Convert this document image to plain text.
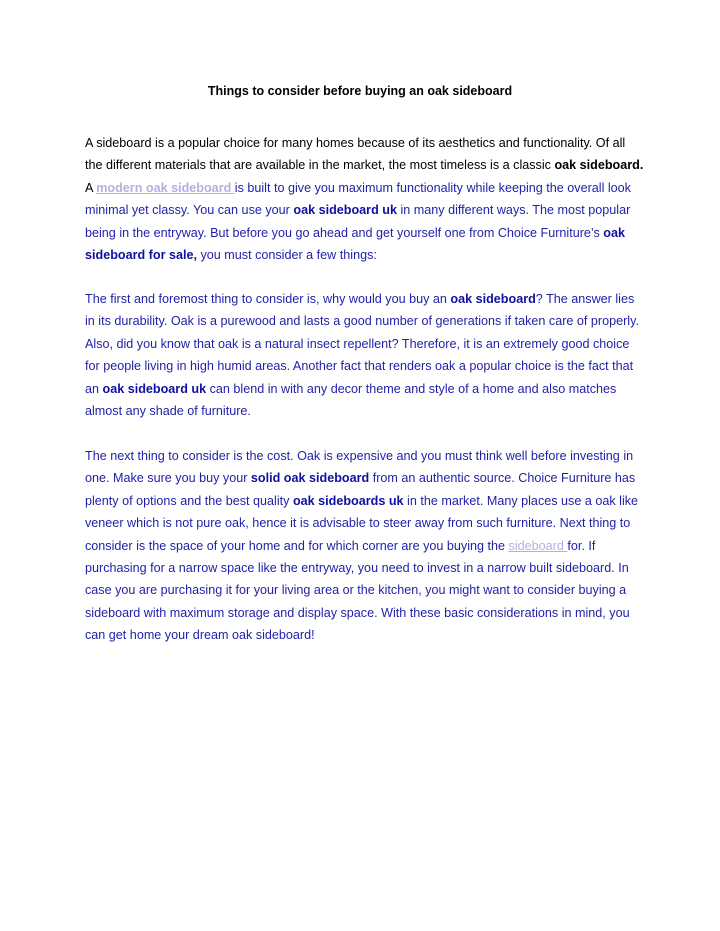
Things to consider before buying an oak sideboard

A sideboard is a popular choice for many homes because of its aesthetics and functionality. Of all the different materials that are available in the market, the most timeless is a classic oak sideboard. A modern oak sideboard is built to give you maximum functionality while keeping the overall look minimal yet classy. You can use your oak sideboard uk in many different ways. The most popular being in the entryway. But before you go ahead and get yourself one from Choice Furniture’s oak sideboard for sale, you must consider a few things:

The first and foremost thing to consider is, why would you buy an oak sideboard? The answer lies in its durability. Oak is a purewood and lasts a good number of generations if taken care of properly. Also, did you know that oak is a natural insect repellent? Therefore, it is an extremely good choice for people living in high humid areas. Another fact that renders oak a popular choice is the fact that an oak sideboard uk can blend in with any decor theme and style of a home and also matches almost any shade of furniture.

The next thing to consider is the cost. Oak is expensive and you must think well before investing in one. Make sure you buy your solid oak sideboard from an authentic source. Choice Furniture has plenty of options and the best quality oak sideboards uk in the market. Many places use a oak like veneer which is not pure oak, hence it is advisable to steer away from such furniture. Next thing to consider is the space of your home and for which corner are you buying the sideboard for. If purchasing for a narrow space like the entryway, you need to invest in a narrow built sideboard. In case you are purchasing it for your living area or the kitchen, you might want to consider buying a sideboard with maximum storage and display space. With these basic considerations in mind, you can get home your dream oak sideboard!
